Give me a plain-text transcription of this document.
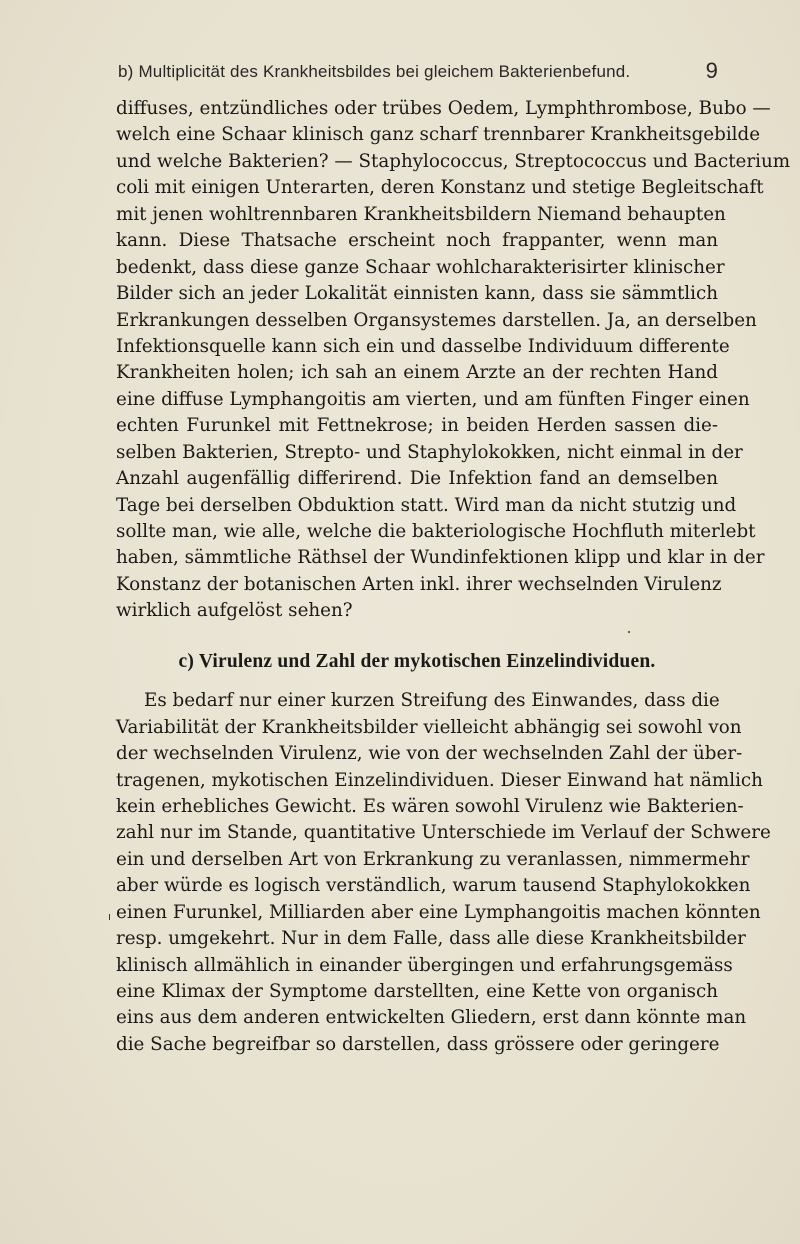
b) Multiplicität des Krankheitsbildes bei gleichem Bakterienbefund.	9
diffuses, entzündliches oder trübes Oedem, Lymphthrombose, Bubo —
welch eine Schaar klinisch ganz scharf trennbarer Krankheitsgebilde
und welche Bakterien? — Staphylococcus, Streptococcus und Bacterium
coli mit einigen Unterarten, deren Konstanz und stetige Begleitschaft
mit jenen wohltrennbaren Krankheitsbildern Niemand behaupten
kann. Diese Thatsache erscheint noch frappanter, wenn man
bedenkt, dass diese ganze Schaar wohlcharakterisirter klinischer
Bilder sich an jeder Lokalität einnisten kann, dass sie sämmtlich
Erkrankungen desselben Organsystemes darstellen. Ja, an derselben
Infektionsquelle kann sich ein und dasselbe Individuum differente
Krankheiten holen; ich sah an einem Arzte an der rechten Hand
eine diffuse Lymphangoitis am vierten, und am fünften Finger einen
echten Furunkel mit Fettnekrose; in beiden Herden sassen die-
selben Bakterien, Strepto- und Staphylokokken, nicht einmal in der
Anzahl augenfällig differirend. Die Infektion fand an demselben
Tage bei derselben Obduktion statt. Wird man da nicht stutzig und
sollte man, wie alle, welche die bakteriologische Hochfluth miterlebt
haben, sämmtliche Räthsel der Wundinfektionen klipp und klar in der
Konstanz der botanischen Arten inkl. ihrer wechselnden Virulenz
wirklich aufgelöst sehen?
c) Virulenz und Zahl der mykotischen Einzelindividuen.
Es bedarf nur einer kurzen Streifung des Einwandes, dass die
Variabilität der Krankheitsbilder vielleicht abhängig sei sowohl von
der wechselnden Virulenz, wie von der wechselnden Zahl der über-
tragenen, mykotischen Einzelindividuen. Dieser Einwand hat nämlich
kein erhebliches Gewicht. Es wären sowohl Virulenz wie Bakterien-
zahl nur im Stande, quantitative Unterschiede im Verlauf der Schwere
ein und derselben Art von Erkrankung zu veranlassen, nimmermehr
aber würde es logisch verständlich, warum tausend Staphylokokken
einen Furunkel, Milliarden aber eine Lymphangoitis machen könnten
resp. umgekehrt. Nur in dem Falle, dass alle diese Krankheitsbilder
klinisch allmählich in einander übergingen und erfahrungsgemäss
eine Klimax der Symptome darstellten, eine Kette von organisch
eins aus dem anderen entwickelten Gliedern, erst dann könnte man
die Sache begreifbar so darstellen, dass grössere oder geringere
